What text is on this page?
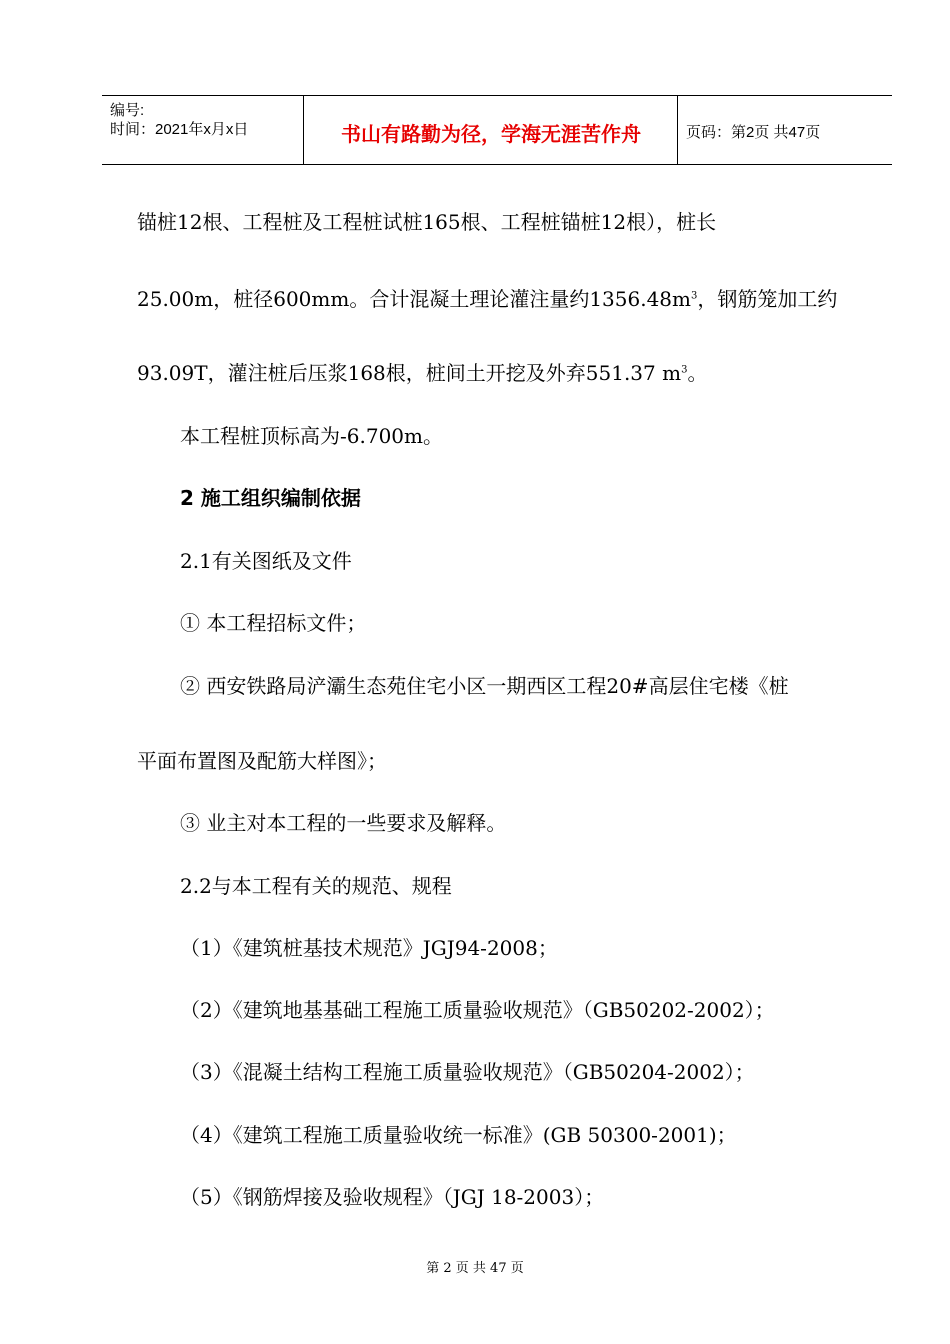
编号:
时间：2021年x月x日	书山有路勤为径，学海无涯苦作舟	页码：第2页 共47页
锚桩12根、工程桩及工程桩试桩165根、工程桩锚桩12根），桩长
25.00m，桩径600mm。合计混凝土理论灌注量约$1356.48m^3$，钢筋笼加工约
93.09T，灌注桩后压浆168根，桩间土开挖及外弃551.37 $m^3$。
本工程桩顶标高为-6.700m。
2 施工组织编制依据
2.1有关图纸及文件
① 本工程招标文件；
② 西安铁路局浐灞生态苑住宅小区一期西区工程20#高层住宅楼《桩
平面布置图及配筋大样图》；
③ 业主对本工程的一些要求及解释。
2.2与本工程有关的规范、规程
（1）《建筑桩基技术规范》JGJ94-2008；
（2）《建筑地基基础工程施工质量验收规范》（GB50202-2002）；
（3）《混凝土结构工程施工质量验收规范》（GB50204-2002）；
（4）《建筑工程施工质量验收统一标准》(GB 50300-2001)；
（5）《钢筋焊接及验收规程》（JGJ 18-2003）；
第 2 页 共 47 页
